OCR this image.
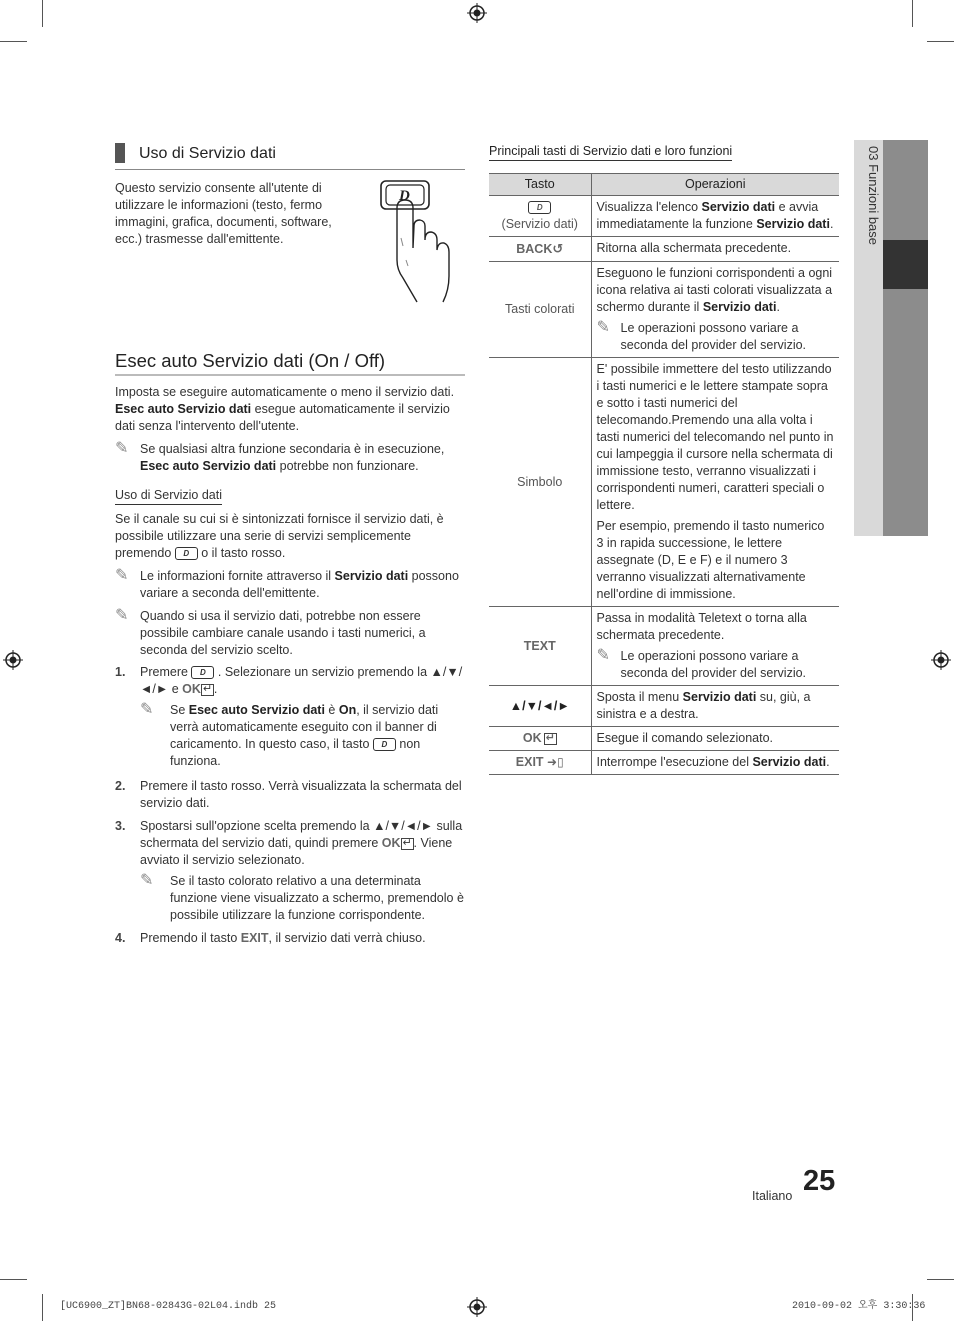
03 Funzioni base
Uso di Servizio dati

Questo servizio consente all'utente di utilizzare le informazioni (testo, fermo immagini, grafica, documenti, software, ecc.) trasmesse dall'emittente.

D
Esec auto Servizio dati (On / Off)

Imposta se eseguire automaticamente o meno il servizio dati. Esec auto Servizio dati esegue automaticamente il servizio dati senza l'intervento dell'utente.

✎ Se qualsiasi altra funzione secondaria è in esecuzione, Esec auto Servizio dati potrebbe non funzionare.

Uso di Servizio dati

Se il canale su cui si è sintonizzati fornisce il servizio dati, è possibile utilizzare una serie di servizi semplicemente premendo D o il tasto rosso.

✎ Le informazioni fornite attraverso il Servizio dati possono variare a seconda dell'emittente.

✎ Quando si usa il servizio dati, potrebbe non essere possibile cambiare canale usando i tasti numerici, a seconda del servizio scelto.

1.	Premere D . Selezionare un servizio premendo la ▲/▼/◄/► e OK ↵ .

✎	Se Esec auto Servizio dati è On, il servizio dati verrà automaticamente eseguito con il banner di caricamento. In questo caso, il tasto D non funziona.

2.	Premere il tasto rosso. Verrà visualizzata la schermata del servizio dati.

3.	Spostarsi sull'opzione scelta premendo la ▲/▼/◄/► sulla schermata del servizio dati, quindi premere OK ↵ . Viene avviato il servizio selezionato.

✎	Se il tasto colorato relativo a una determinata funzione viene visualizzato a schermo, premendolo è possibile utilizzare la funzione corrispondente.

4.	Premendo il tasto EXIT, il servizio dati verrà chiuso.

Principali tasti di Servizio dati e loro funzioni
Tasto	Operazioni
D
(Servizio dati)	Visualizza l'elenco Servizio dati e avvia immediatamente la funzione Servizio dati.
BACK↺	Ritorna alla schermata precedente.
Tasti colorati	Eseguono le funzioni corrispondenti a ogni icona relativa ai tasti colorati visualizzata a schermo durante il Servizio dati.

✎ Le operazioni possono variare a seconda del provider del servizio.

Simbolo	E' possibile immettere del testo utilizzando i tasti numerici e le lettere stampate sopra e sotto i tasti numerici del telecomando.Premendo una alla volta i tasti numerici del telecomando nel punto in cui lampeggia il cursore nella schermata di immissione testo, verranno visualizzati i corrispondenti numeri, caratteri speciali o lettere.

Per esempio, premendo il tasto numerico 3 in rapida successione, le lettere assegnate (D, E e F) e il numero 3 verranno visualizzati alternativamente nell'ordine di immissione.

TEXT	Passa in modalità Teletext o torna alla schermata precedente.

✎ Le operazioni possono variare a seconda del provider del servizio.

▲/▼/◄/►	Sposta il menu Servizio dati su, giù, a sinistra e a destra.
OK↵	Esegue il comando selezionato.
EXIT ➜▯	Interrompe l'esecuzione del Servizio dati.
Italiano 25
[UC6900_ZT]BN68-02843G-02L04.indb 25	2010-09-02 오후 3:30:36
